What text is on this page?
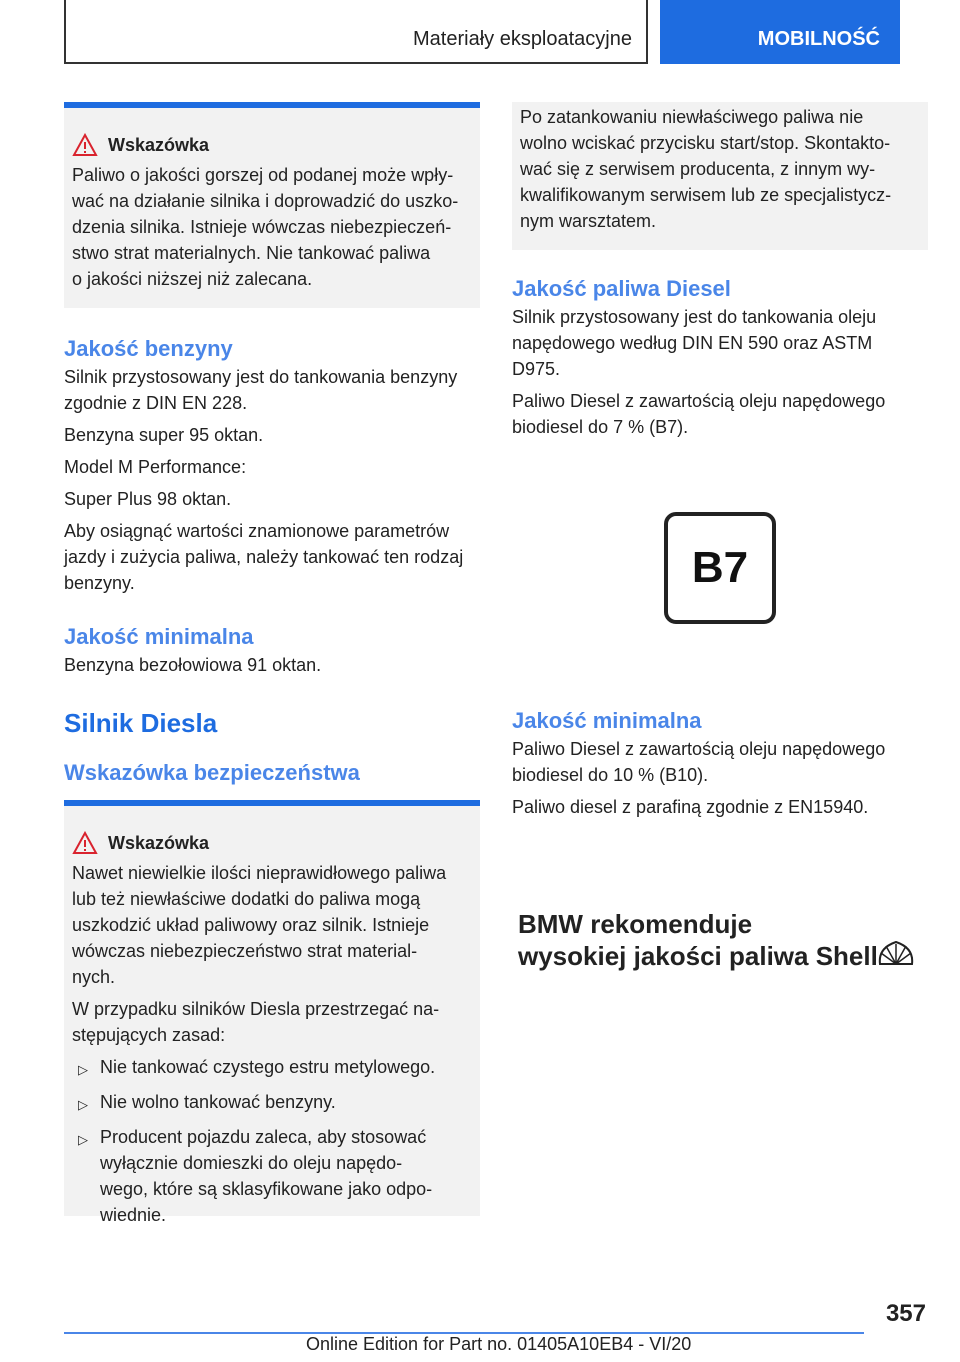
Materiały eksploatacyjne	MOBILNOŚĆ
Wskazówka
Paliwo o jakości gorszej od podanej może wpły-
wać na działanie silnika i doprowadzić do uszko-
dzenia silnika. Istnieje wówczas niebezpieczeń-
stwo strat materialnych. Nie tankować paliwa
o jakości niższej niż zalecana.
Jakość benzyny
Silnik przystosowany jest do tankowania benzyny
zgodnie z DIN EN 228.
Benzyna super 95 oktan.
Model M Performance:
Super Plus 98 oktan.
Aby osiągnąć wartości znamionowe parametrów
jazdy i zużycia paliwa, należy tankować ten rodzaj
benzyny.
Jakość minimalna
Benzyna bezołowiowa 91 oktan.
Silnik Diesla
Wskazówka bezpieczeństwa
Wskazówka
Nawet niewielkie ilości nieprawidłowego paliwa
lub też niewłaściwe dodatki do paliwa mogą
uszkodzić układ paliwowy oraz silnik. Istnieje
wówczas niebezpieczeństwo strat material-
nych.
W przypadku silników Diesla przestrzegać na-
stępujących zasad:
▷ Nie tankować czystego estru metylowego.
▷ Nie wolno tankować benzyny.
▷ Producent pojazdu zaleca, aby stosować
wyłącznie domieszki do oleju napędo-
wego, które są sklasyfikowane jako odpo-
wiednie.
Po zatankowaniu niewłaściwego paliwa nie
wolno wciskać przycisku start/stop. Skontakto-
wać się z serwisem producenta, z innym wy-
kwalifikowanym serwisem lub ze specjalistycz-
nym warsztatem.
Jakość paliwa Diesel
Silnik przystosowany jest do tankowania oleju
napędowego według DIN EN 590 oraz ASTM
D975.
Paliwo Diesel z zawartością oleju napędowego
biodiesel do 7 % (B7).
B7
Jakość minimalna
Paliwo Diesel z zawartością oleju napędowego
biodiesel do 10 % (B10).
Paliwo diesel z parafiną zgodnie z EN15940.
BMW rekomenduje
wysokiej jakości paliwa Shell
357
Online Edition for Part no. 01405A10EB4 - VI/20
